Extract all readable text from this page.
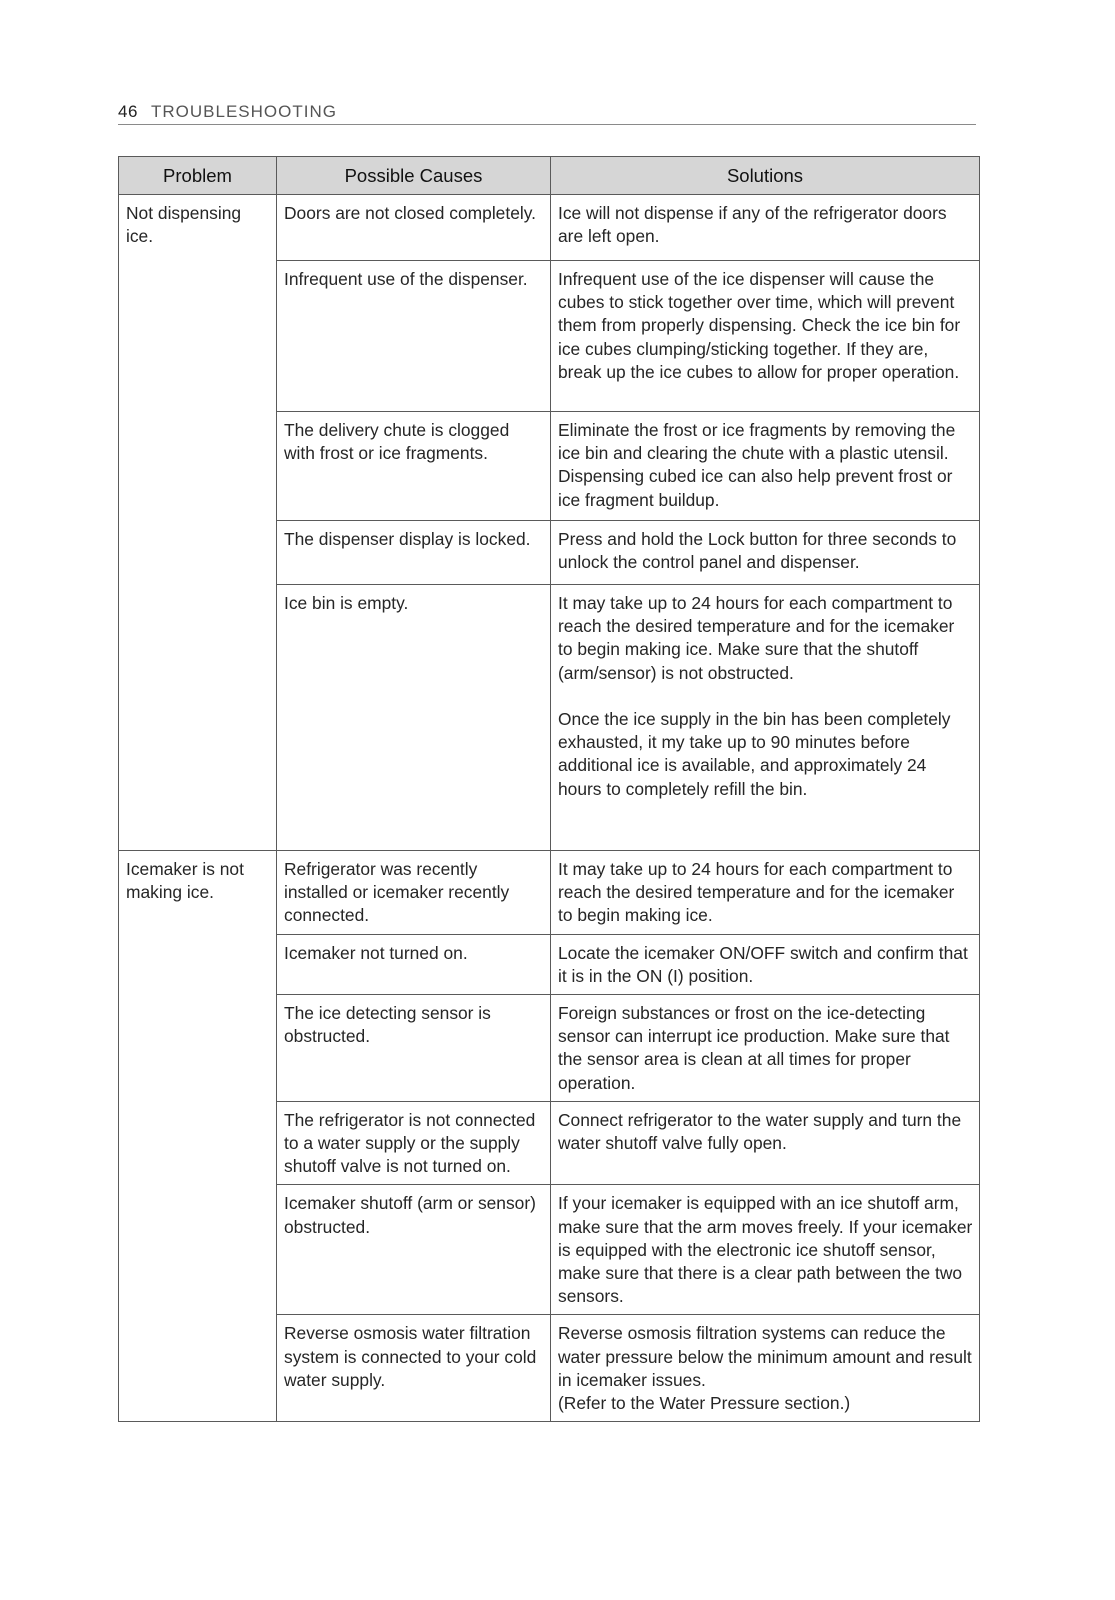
46 TROUBLESHOOTING
Problem	Possible Causes	Solutions
Not dispensing ice.	Doors are not closed completely.	Ice will not dispense if any of the refrigerator doors are left open.
	Infrequent use of the dispenser.	Infrequent use of the ice dispenser will cause the cubes to stick together over time, which will prevent them from properly dispensing. Check the ice bin for ice cubes clumping/sticking together. If they are, break up the ice cubes to allow for proper operation.
	The delivery chute is clogged with frost or ice fragments.	Eliminate the frost or ice fragments by removing the ice bin and clearing the chute with a plastic utensil. Dispensing cubed ice can also help prevent frost or ice fragment buildup.
	The dispenser display is locked.	Press and hold the Lock button for three seconds to unlock the control panel and dispenser.
	Ice bin is empty.	It may take up to 24 hours for each compartment to reach the desired temperature and for the icemaker to begin making ice. Make sure that the shutoff
(arm/sensor) is not obstructed.

Once the ice supply in the bin has been completely exhausted, it my take up to 90 minutes before additional ice is available, and approximately 24 hours to completely refill the bin.
Icemaker is not making ice.	Refrigerator was recently installed or icemaker recently connected.	It may take up to 24 hours for each compartment to reach the desired temperature and for the icemaker to begin making ice.
	Icemaker not turned on.	Locate the icemaker ON/OFF switch and confirm that it is in the ON (I) position.
	The ice detecting sensor is obstructed.	Foreign substances or frost on the ice-detecting sensor can interrupt ice production. Make sure that the sensor area is clean at all times for proper operation.
	The refrigerator is not connected to a water supply or the supply shutoff valve is not turned on.	Connect refrigerator to the water supply and turn the water shutoff valve fully open.
	Icemaker shutoff (arm or sensor) obstructed.	If your icemaker is equipped with an ice shutoff arm, make sure that the arm moves freely. If your icemaker is equipped with the electronic ice shutoff sensor, make sure that there is a clear path between the two sensors.
	Reverse osmosis water filtration system is connected to your cold water supply.	Reverse osmosis filtration systems can reduce the water pressure below the minimum amount and result in icemaker issues.
(Refer to the Water Pressure section.)
